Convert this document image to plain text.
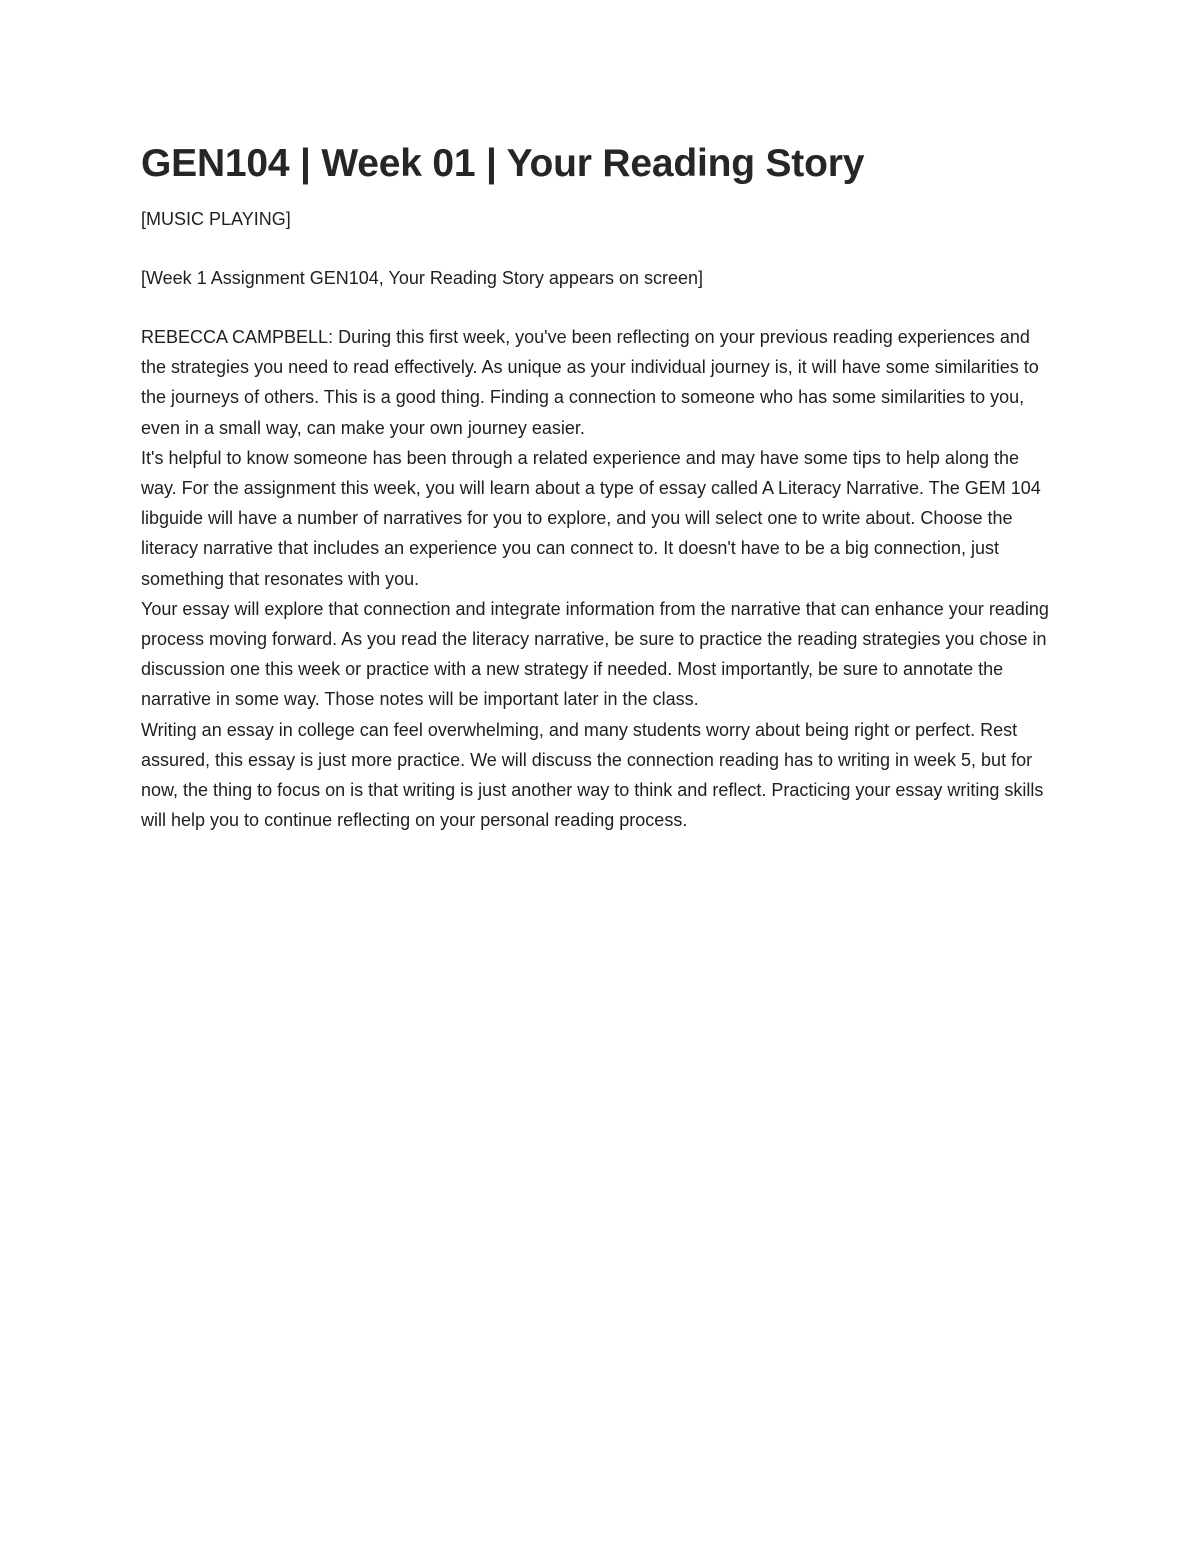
GEN104 | Week 01 | Your Reading Story

[MUSIC PLAYING]

[Week 1 Assignment GEN104, Your Reading Story appears on screen]

REBECCA CAMPBELL: During this first week, you've been reflecting on your previous reading experiences and the strategies you need to read effectively. As unique as your individual journey is, it will have some similarities to the journeys of others. This is a good thing. Finding a connection to someone who has some similarities to you, even in a small way, can make your own journey easier.

It's helpful to know someone has been through a related experience and may have some tips to help along the way. For the assignment this week, you will learn about a type of essay called A Literacy Narrative. The GEM 104 libguide will have a number of narratives for you to explore, and you will select one to write about. Choose the literacy narrative that includes an experience you can connect to. It doesn't have to be a big connection, just something that resonates with you.

Your essay will explore that connection and integrate information from the narrative that can enhance your reading process moving forward. As you read the literacy narrative, be sure to practice the reading strategies you chose in discussion one this week or practice with a new strategy if needed. Most importantly, be sure to annotate the narrative in some way. Those notes will be important later in the class.

Writing an essay in college can feel overwhelming, and many students worry about being right or perfect. Rest assured, this essay is just more practice. We will discuss the connection reading has to writing in week 5, but for now, the thing to focus on is that writing is just another way to think and reflect. Practicing your essay writing skills will help you to continue reflecting on your personal reading process.
